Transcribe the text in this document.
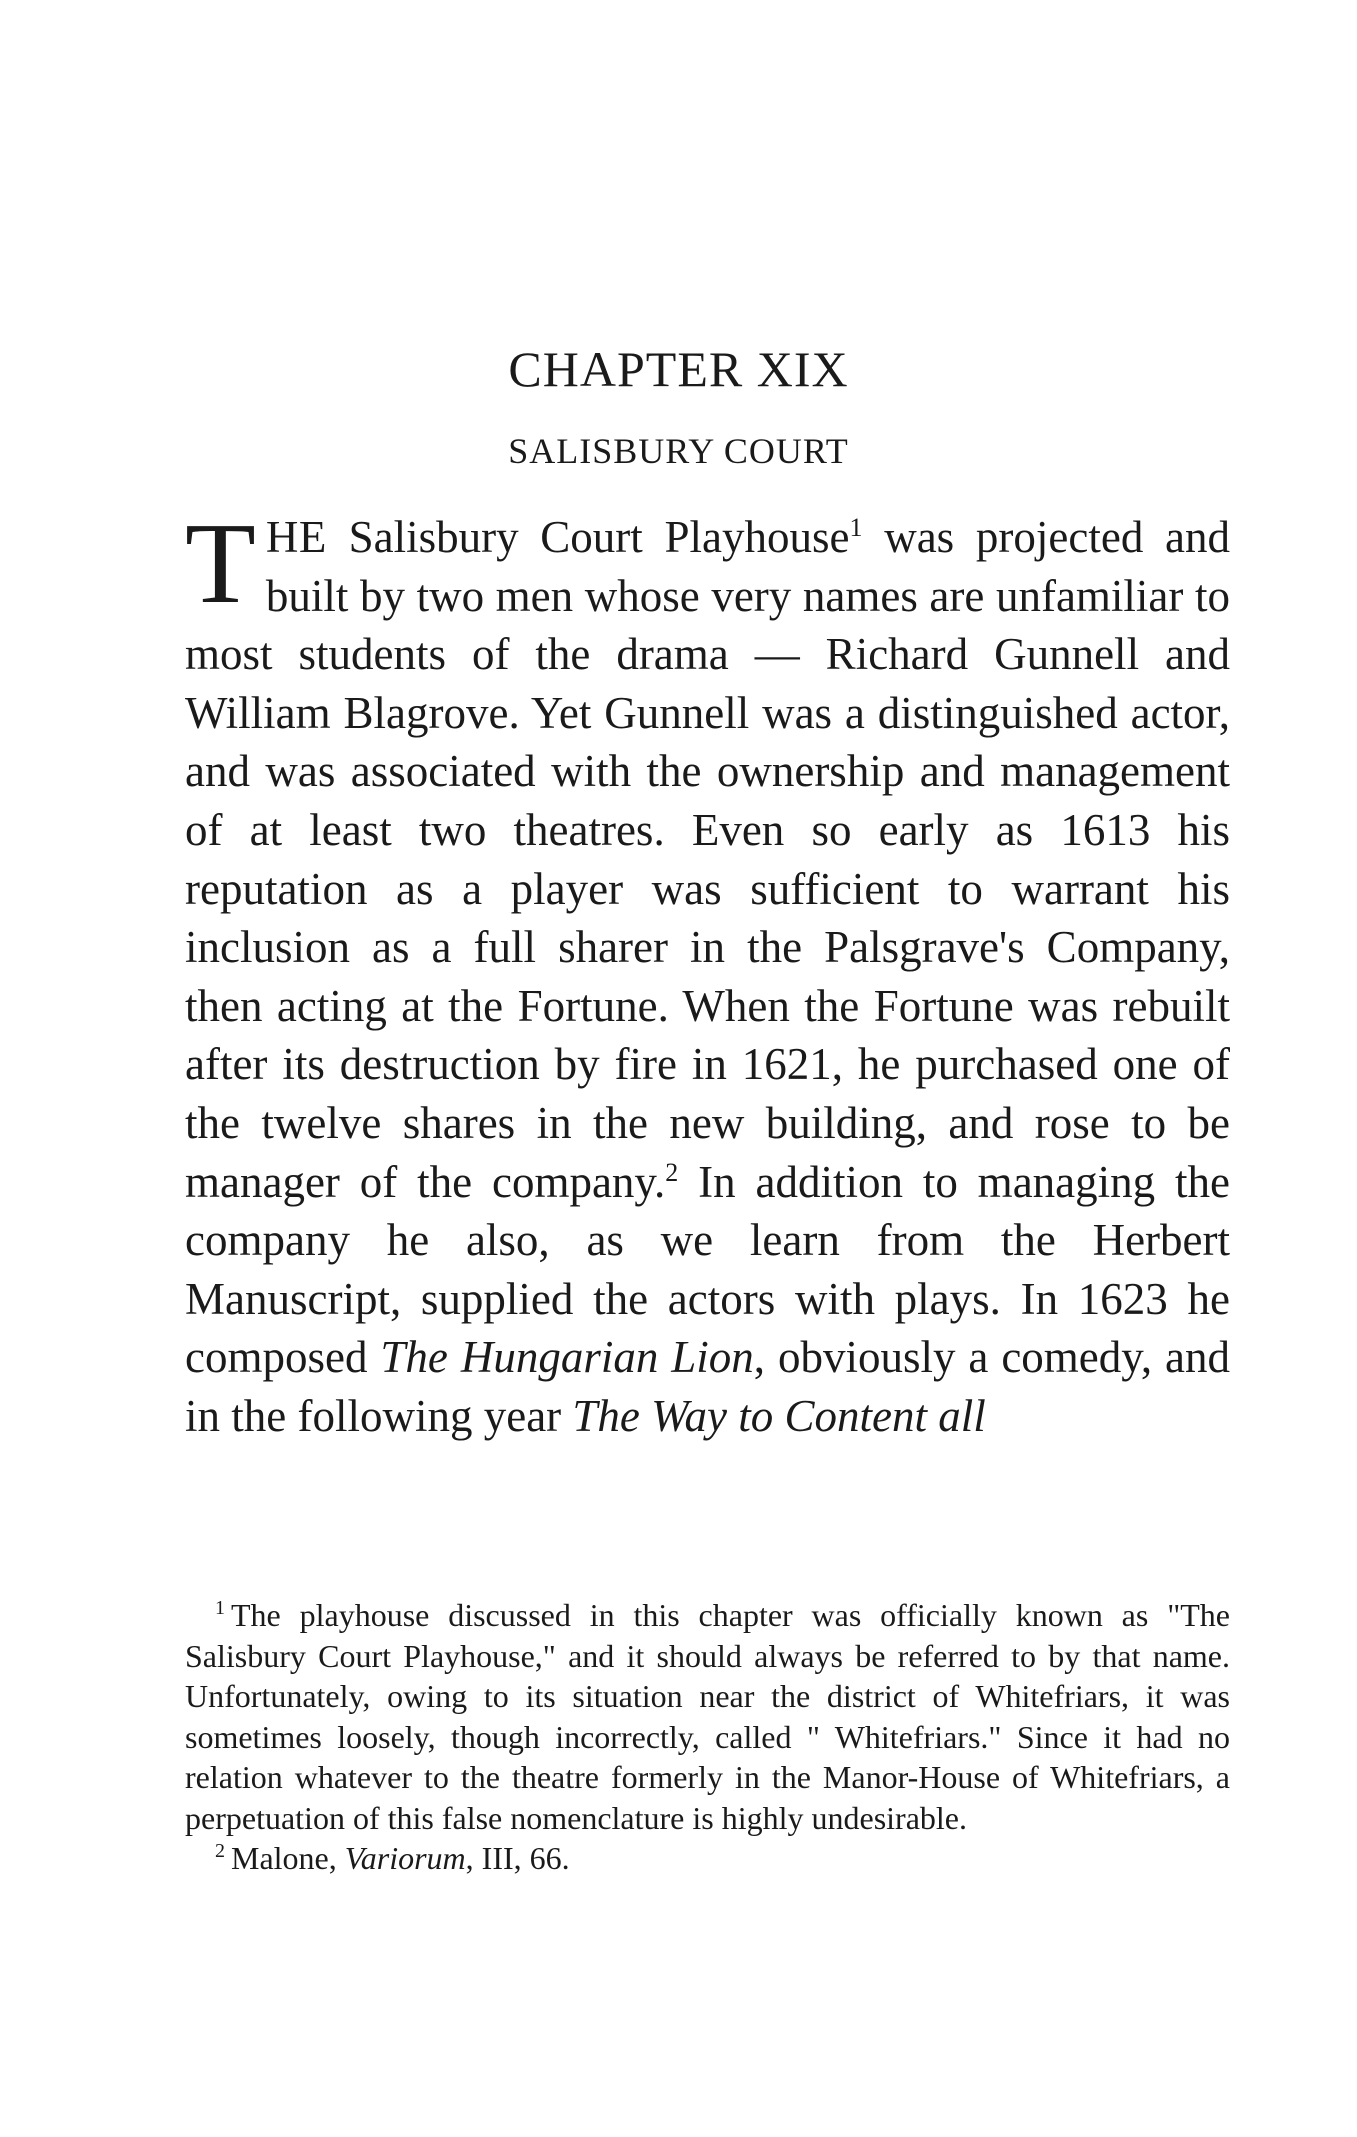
CHAPTER XIX
SALISBURY COURT
THE Salisbury Court Playhouse$^1$ was projected and built by two men whose very names are unfamiliar to most students of the drama — Richard Gunnell and William Blagrove. Yet Gunnell was a distinguished actor, and was associated with the ownership and management of at least two theatres. Even so early as 1613 his reputation as a player was sufficient to warrant his inclusion as a full sharer in the Palsgrave's Company, then acting at the Fortune. When the Fortune was rebuilt after its destruction by fire in 1621, he purchased one of the twelve shares in the new building, and rose to be manager of the company.$^2$ In addition to managing the company he also, as we learn from the Herbert Manuscript, supplied the actors with plays. In 1623 he composed The Hungarian Lion, obviously a comedy, and in the following year The Way to Content all

$^1$ The playhouse discussed in this chapter was officially known as "The Salisbury Court Playhouse," and it should always be referred to by that name. Unfortunately, owing to its situation near the district of Whitefriars, it was sometimes loosely, though incorrectly, called " Whitefriars." Since it had no relation whatever to the theatre formerly in the Manor-House of Whitefriars, a perpetuation of this false nomenclature is highly undesirable.

$^2$ Malone, Variorum, III, 66.
